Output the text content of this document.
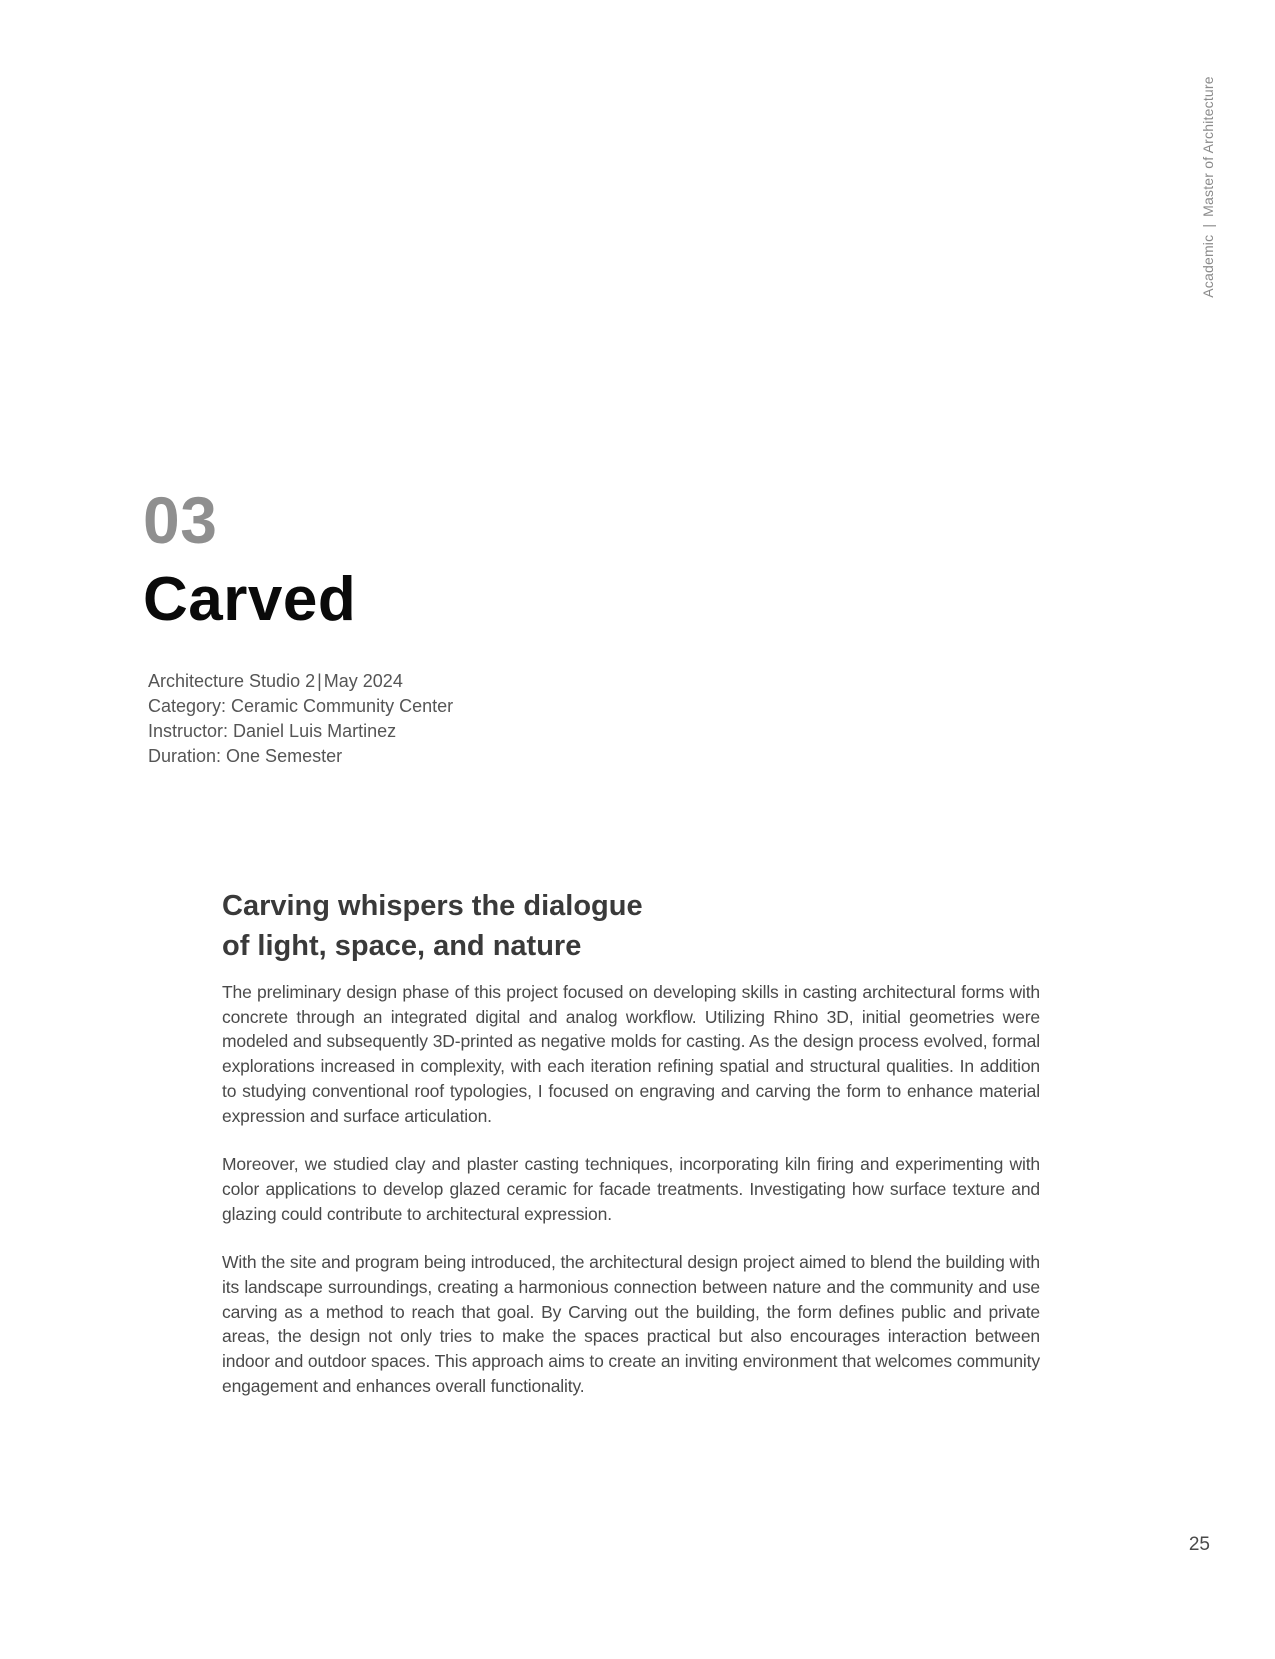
Academic|Master of Architecture
03
Carved
Architecture Studio 2 | May 2024
Category: Ceramic Community Center
Instructor: Daniel Luis Martinez
Duration: One Semester
Carving whispers the dialogue
of light, space, and nature

The preliminary design phase of this project focused on developing skills in casting architectural forms with concrete through an integrated digital and analog workflow. Utilizing Rhino 3D, initial geometries were modeled and subsequently 3D-printed as negative molds for casting. As the design process evolved, formal explorations increased in complexity, with each iteration refining spatial and structural qualities. In addition to studying conventional roof typologies, I focused on engraving and carving the form to enhance material expression and surface articulation.

Moreover, we studied clay and plaster casting techniques, incorporating kiln firing and experimenting with color applications to develop glazed ceramic for facade treatments. Investigating how surface texture and glazing could contribute to architectural expression.

With the site and program being introduced, the architectural design project aimed to blend the building with its landscape surroundings, creating a harmonious connection between nature and the community and use carving as a method to reach that goal. By Carving out the building, the form defines public and private areas, the design not only tries to make the spaces practical but also encourages interaction between indoor and outdoor spaces. This approach aims to create an inviting environment that welcomes community engagement and enhances overall functionality.

25
